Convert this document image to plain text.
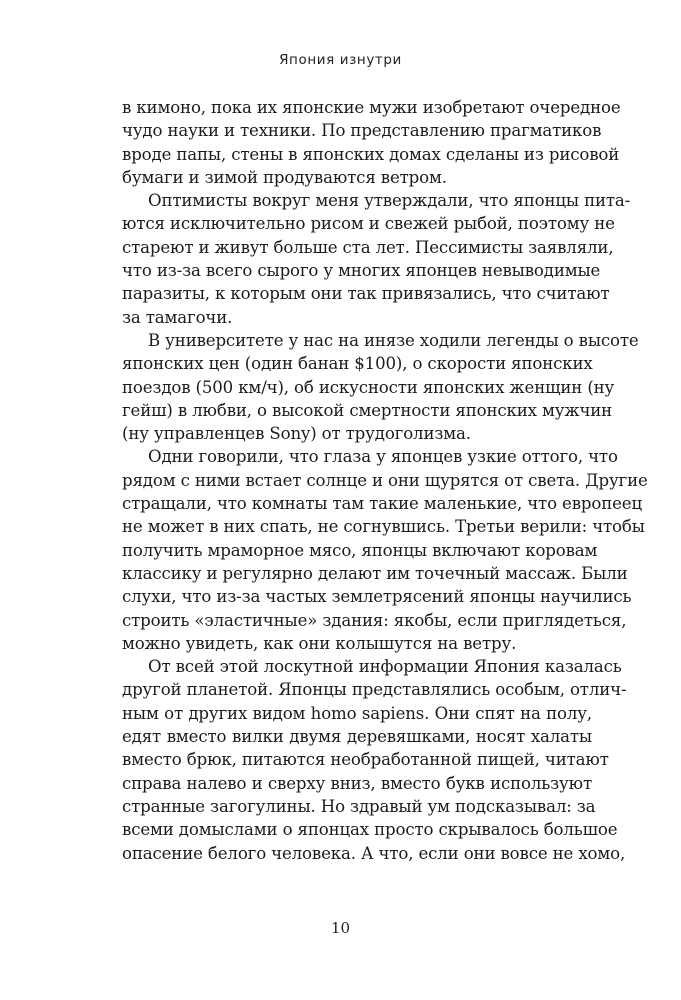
Япония изнутри
в кимоно, пока их японские мужи изобретают очередное
чудо науки и техники. По представлению прагматиков
вроде папы, стены в японских домах сделаны из рисовой
бумаги и зимой продуваются ветром.
Оптимисты вокруг меня утверждали, что японцы пита-
ются исключительно рисом и свежей рыбой, поэтому не
стареют и живут больше ста лет. Пессимисты заявляли,
что из-за всего сырого у многих японцев невыводимые
паразиты, к которым они так привязались, что считают
за тамагочи.
В университете у нас на инязе ходили легенды о высоте
японских цен (один банан $100), о скорости японских
поездов (500 км/ч), об искусности японских женщин (ну
гейш) в любви, о высокой смертности японских мужчин
(ну управленцев Sony) от трудоголизма.
Одни говорили, что глаза у японцев узкие оттого, что
рядом с ними встает солнце и они щурятся от света. Другие
стращали, что комнаты там такие маленькие, что европеец
не может в них спать, не согнувшись. Третьи верили: чтобы
получить мраморное мясо, японцы включают коровам
классику и регулярно делают им точечный массаж. Были
слухи, что из-за частых землетрясений японцы научились
строить «эластичные» здания: якобы, если приглядеться,
можно увидеть, как они колышутся на ветру.
От всей этой лоскутной информации Япония казалась
другой планетой. Японцы представлялись особым, отлич-
ным от других видом homo sapiens. Они спят на полу,
едят вместо вилки двумя деревяшками, носят халаты
вместо брюк, питаются необработанной пищей, читают
справа налево и сверху вниз, вместо букв используют
странные загогулины. Но здравый ум подсказывал: за
всеми домыслами о японцах просто скрывалось большое
опасение белого человека. А что, если они вовсе не хомо,
10
